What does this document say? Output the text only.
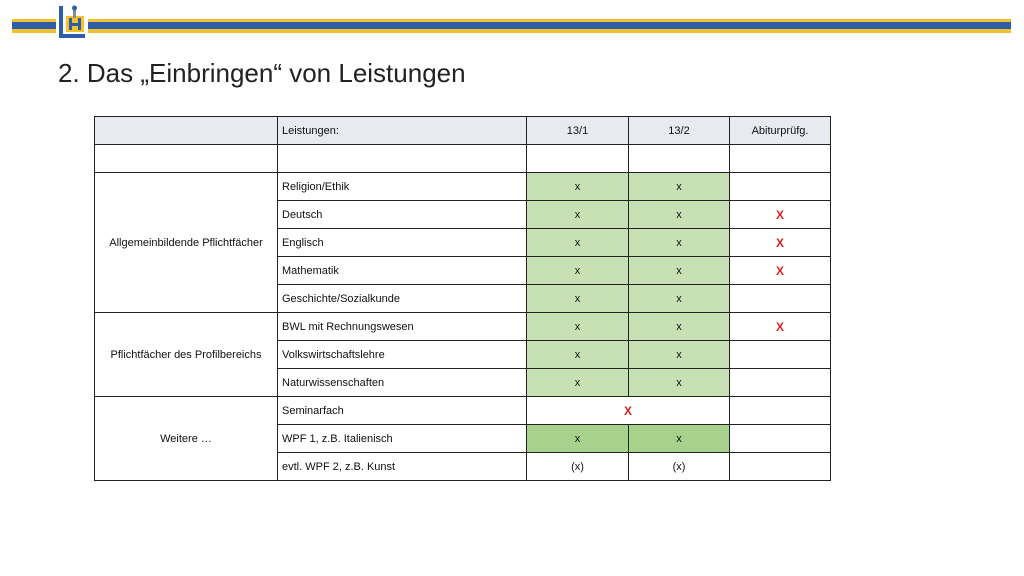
2. Das „Einbringen“ von Leistungen
	Leistungen:	13/1	13/2	Abiturprüfg.

Allgemeinbildende Pflichtfächer	Religion/Ethik	x	x	
	Deutsch	x	x	X
	Englisch	x	x	X
	Mathematik	x	x	X
	Geschichte/Sozialkunde	x	x	
Pflichtfächer des Profilbereichs	BWL mit Rechnungswesen	x	x	X
	Volkswirtschaftslehre	x	x	
	Naturwissenschaften	x	x	
Weitere …	Seminarfach	X		
	WPF 1, z.B. Italienisch	x	x	
	evtl. WPF 2, z.B. Kunst	(x)	(x)	
